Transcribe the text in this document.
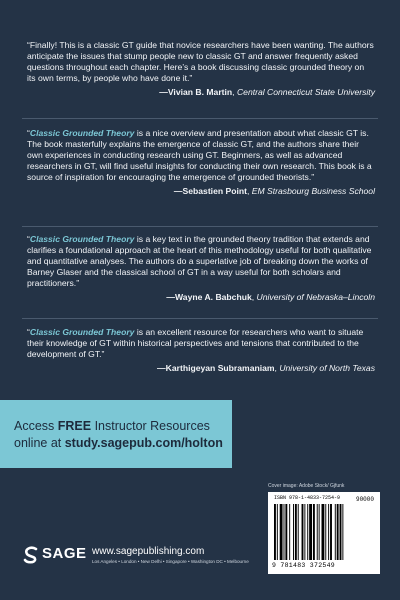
“Finally! This is a classic GT guide that novice researchers have been wanting. The authors anticipate the issues that stump people new to classic GT and answer frequently asked questions throughout each chapter. Here’s a book discussing classic grounded theory on its own terms, by people who have done it.”

—Vivian B. Martin, Central Connecticut State University

“Classic Grounded Theory is a nice overview and presentation about what classic GT is. The book masterfully explains the emergence of classic GT, and the authors share their own experiences in conducting research using GT. Beginners, as well as advanced researchers in GT, will find useful insights for conducting their own research. This book is a source of inspiration for encouraging the emergence of grounded theorists.”

—Sebastien Point, EM Strasbourg Business School

“Classic Grounded Theory is a key text in the grounded theory tradition that extends and clarifies a foundational approach at the heart of this methodology useful for both qualitative and quantitative analyses. The authors do a superlative job of breaking down the works of Barney Glaser and the classical school of GT in a way useful for both scholars and practitioners.”

—Wayne A. Babchuk, University of Nebraska–Lincoln

“Classic Grounded Theory is an excellent resource for researchers who want to situate their knowledge of GT within historical perspectives and tensions that contributed to the development of GT.”

—Karthigeyan Subramaniam, University of North Texas
Access FREE Instructor Resources
online at study.sagepub.com/holton
Cover image: Adobe Stock/ Gjfunk
ISBN 978-1-4833-7254-9	90000
9 781483 372549
SAGE www.sagepublishing.com
Los Angeles • London • New Delhi • Singapore • Washington DC • Melbourne
